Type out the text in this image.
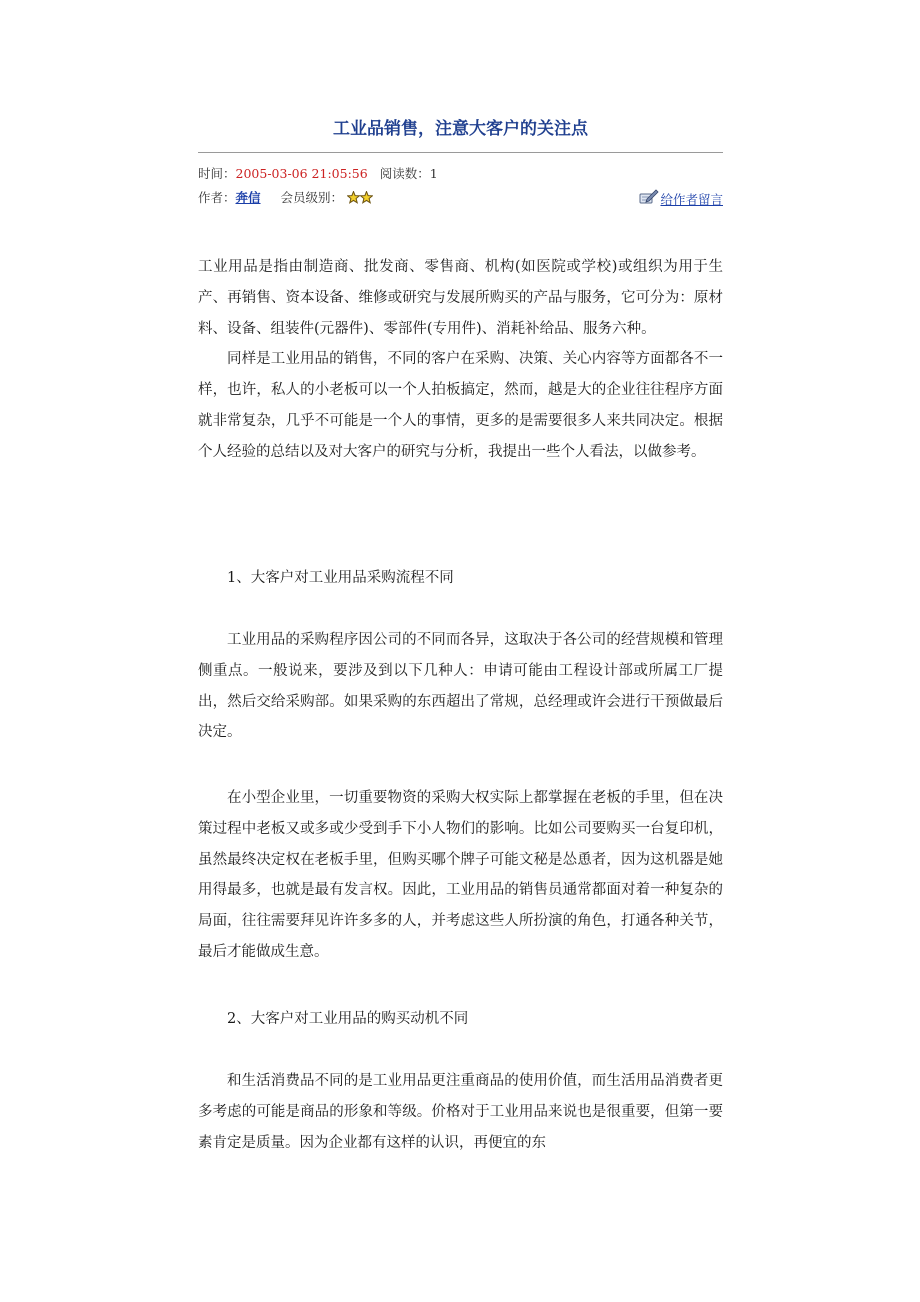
工业品销售，注意大客户的关注点
时间：2005-03-06 21:05:56 阅读数：1
作者：奔信 会员级别：	给作者留言

工业用品是指由制造商、批发商、零售商、机构(如医院或学校)或组织为用于生产、再销售、资本设备、维修或研究与发展所购买的产品与服务，它可分为：原材料、设备、组装件(元器件)、零部件(专用件)、消耗补给品、服务六种。

同样是工业用品的销售，不同的客户在采购、决策、关心内容等方面都各不一样，也许，私人的小老板可以一个人拍板搞定，然而，越是大的企业往往程序方面就非常复杂，几乎不可能是一个人的事情，更多的是需要很多人来共同决定。根据个人经验的总结以及对大客户的研究与分析，我提出一些个人看法，以做参考。

1、大客户对工业用品采购流程不同

工业用品的采购程序因公司的不同而各异，这取决于各公司的经营规模和管理侧重点。一般说来，要涉及到以下几种人：申请可能由工程设计部或所属工厂提出，然后交给采购部。如果采购的东西超出了常规，总经理或许会进行干预做最后决定。

在小型企业里，一切重要物资的采购大权实际上都掌握在老板的手里，但在决策过程中老板又或多或少受到手下小人物们的影响。比如公司要购买一台复印机，虽然最终决定权在老板手里，但购买哪个牌子可能文秘是怂恿者，因为这机器是她用得最多，也就是最有发言权。因此，工业用品的销售员通常都面对着一种复杂的局面，往往需要拜见许许多多的人，并考虑这些人所扮演的角色，打通各种关节，最后才能做成生意。

2、大客户对工业用品的购买动机不同

和生活消费品不同的是工业用品更注重商品的使用价值，而生活用品消费者更多考虑的可能是商品的形象和等级。价格对于工业用品来说也是很重要，但第一要素肯定是质量。因为企业都有这样的认识，再便宜的东
